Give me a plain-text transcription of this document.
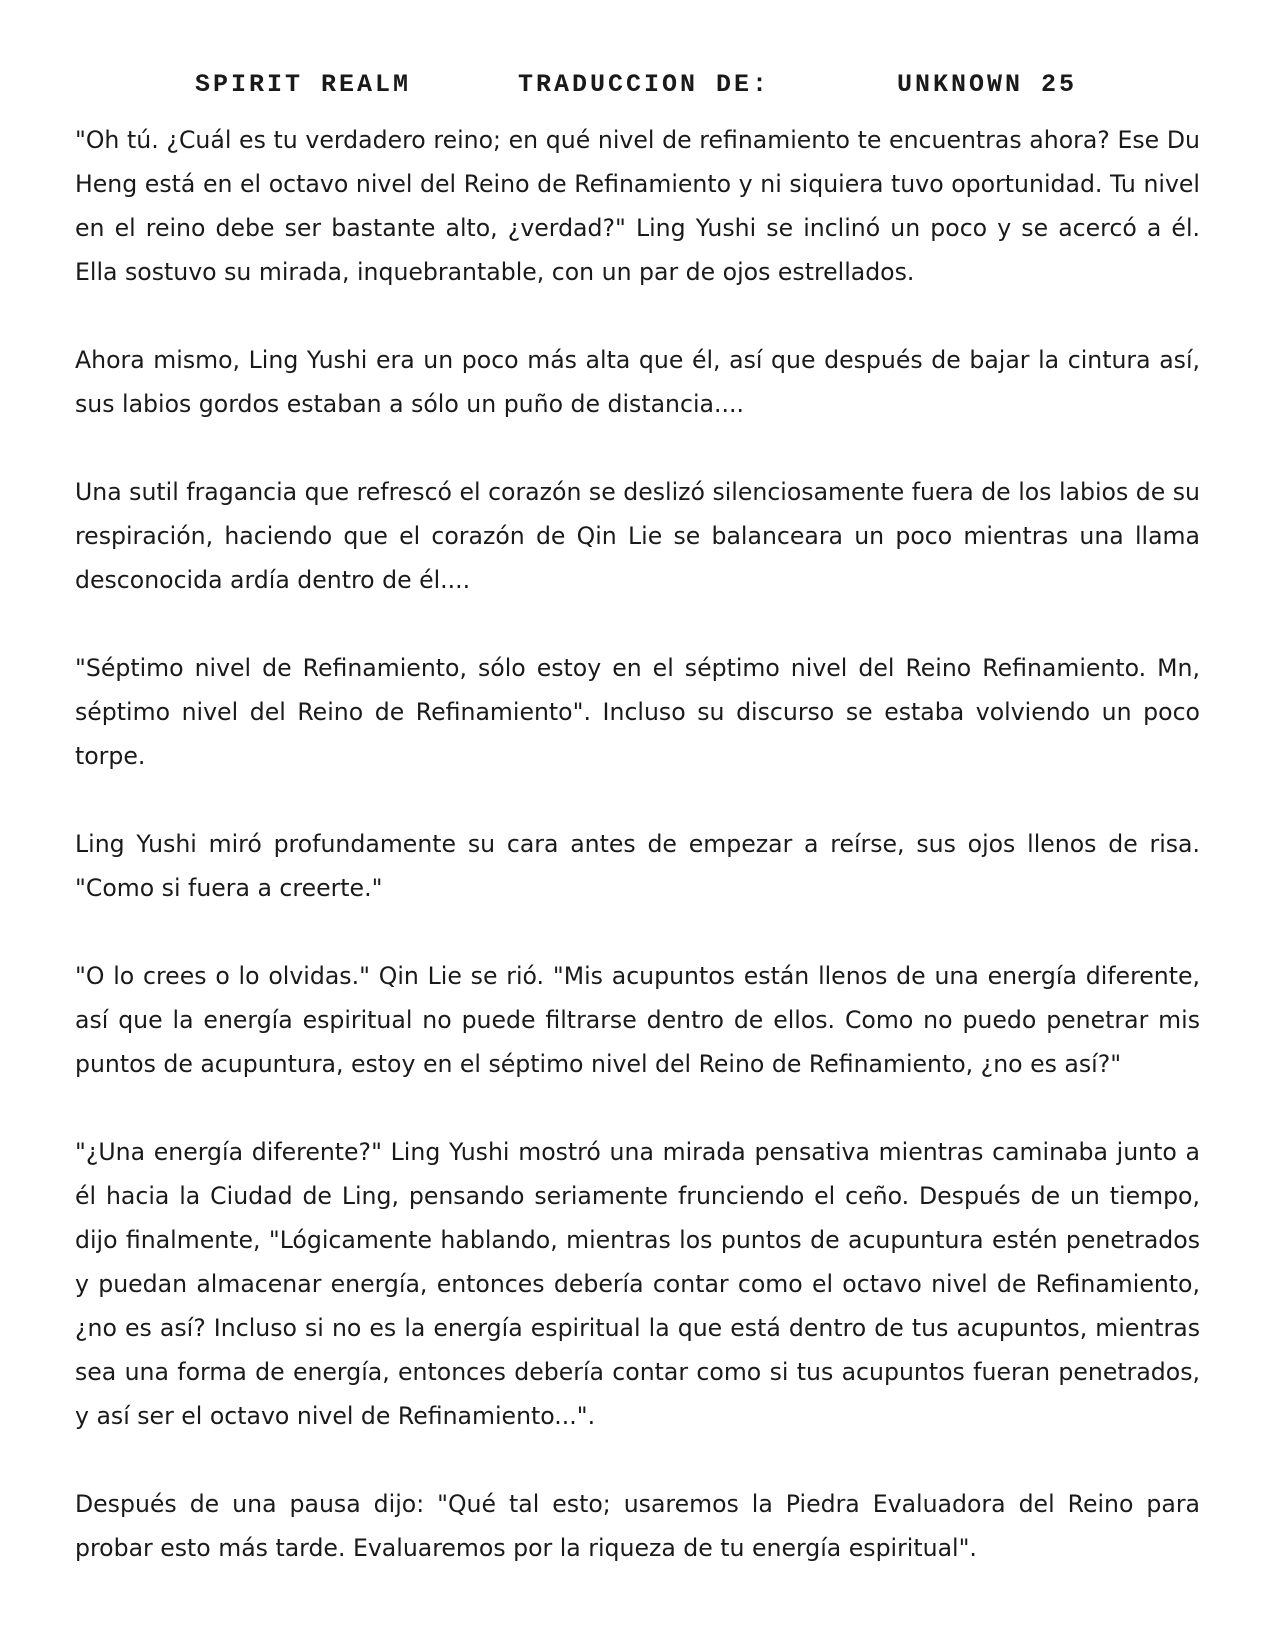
SPIRIT REALM	TRADUCCION DE:	UNKNOWN 25

"Oh tú. ¿Cuál es tu verdadero reino; en qué nivel de refinamiento te encuentras ahora? Ese Du Heng está en el octavo nivel del Reino de Refinamiento y ni siquiera tuvo oportunidad. Tu nivel en el reino debe ser bastante alto, ¿verdad?" Ling Yushi se inclinó un poco y se acercó a él. Ella sostuvo su mirada, inquebrantable, con un par de ojos estrellados.

Ahora mismo, Ling Yushi era un poco más alta que él, así que después de bajar la cintura así, sus labios gordos estaban a sólo un puño de distancia....

Una sutil fragancia que refrescó el corazón se deslizó silenciosamente fuera de los labios de su respiración, haciendo que el corazón de Qin Lie se balanceara un poco mientras una llama desconocida ardía dentro de él....

"Séptimo nivel de Refinamiento, sólo estoy en el séptimo nivel del Reino Refinamiento. Mn, séptimo nivel del Reino de Refinamiento". Incluso su discurso se estaba volviendo un poco torpe.

Ling Yushi miró profundamente su cara antes de empezar a reírse, sus ojos llenos de risa. "Como si fuera a creerte."

"O lo crees o lo olvidas." Qin Lie se rió. "Mis acupuntos están llenos de una energía diferente, así que la energía espiritual no puede filtrarse dentro de ellos. Como no puedo penetrar mis puntos de acupuntura, estoy en el séptimo nivel del Reino de Refinamiento, ¿no es así?"

"¿Una energía diferente?" Ling Yushi mostró una mirada pensativa mientras caminaba junto a él hacia la Ciudad de Ling, pensando seriamente frunciendo el ceño. Después de un tiempo, dijo finalmente, "Lógicamente hablando, mientras los puntos de acupuntura estén penetrados y puedan almacenar energía, entonces debería contar como el octavo nivel de Refinamiento, ¿no es así? Incluso si no es la energía espiritual la que está dentro de tus acupuntos, mientras sea una forma de energía, entonces debería contar como si tus acupuntos fueran penetrados, y así ser el octavo nivel de Refinamiento...".

Después de una pausa dijo: "Qué tal esto; usaremos la Piedra Evaluadora del Reino para probar esto más tarde. Evaluaremos por la riqueza de tu energía espiritual".
